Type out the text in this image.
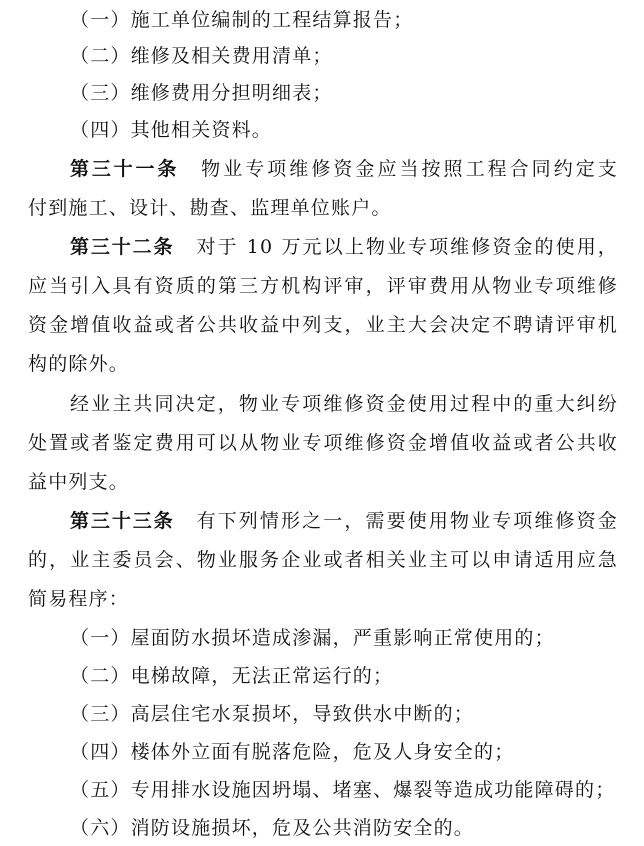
（一）施工单位编制的工程结算报告；
（二）维修及相关费用清单；
（三）维修费用分担明细表；
（四）其他相关资料。
第三十一条 物业专项维修资金应当按照工程合同约定支
付到施工、设计、勘查、监理单位账户。
第三十二条 对于 10 万元以上物业专项维修资金的使用，
应当引入具有资质的第三方机构评审，评审费用从物业专项维修
资金增值收益或者公共收益中列支，业主大会决定不聘请评审机
构的除外。
经业主共同决定，物业专项维修资金使用过程中的重大纠纷
处置或者鉴定费用可以从物业专项维修资金增值收益或者公共收
益中列支。
第三十三条 有下列情形之一，需要使用物业专项维修资金
的，业主委员会、物业服务企业或者相关业主可以申请适用应急
简易程序：
（一）屋面防水损坏造成渗漏，严重影响正常使用的；
（二）电梯故障，无法正常运行的；
（三）高层住宅水泵损坏，导致供水中断的；
（四）楼体外立面有脱落危险，危及人身安全的；
（五）专用排水设施因坍塌、堵塞、爆裂等造成功能障碍的；
（六）消防设施损坏，危及公共消防安全的。
